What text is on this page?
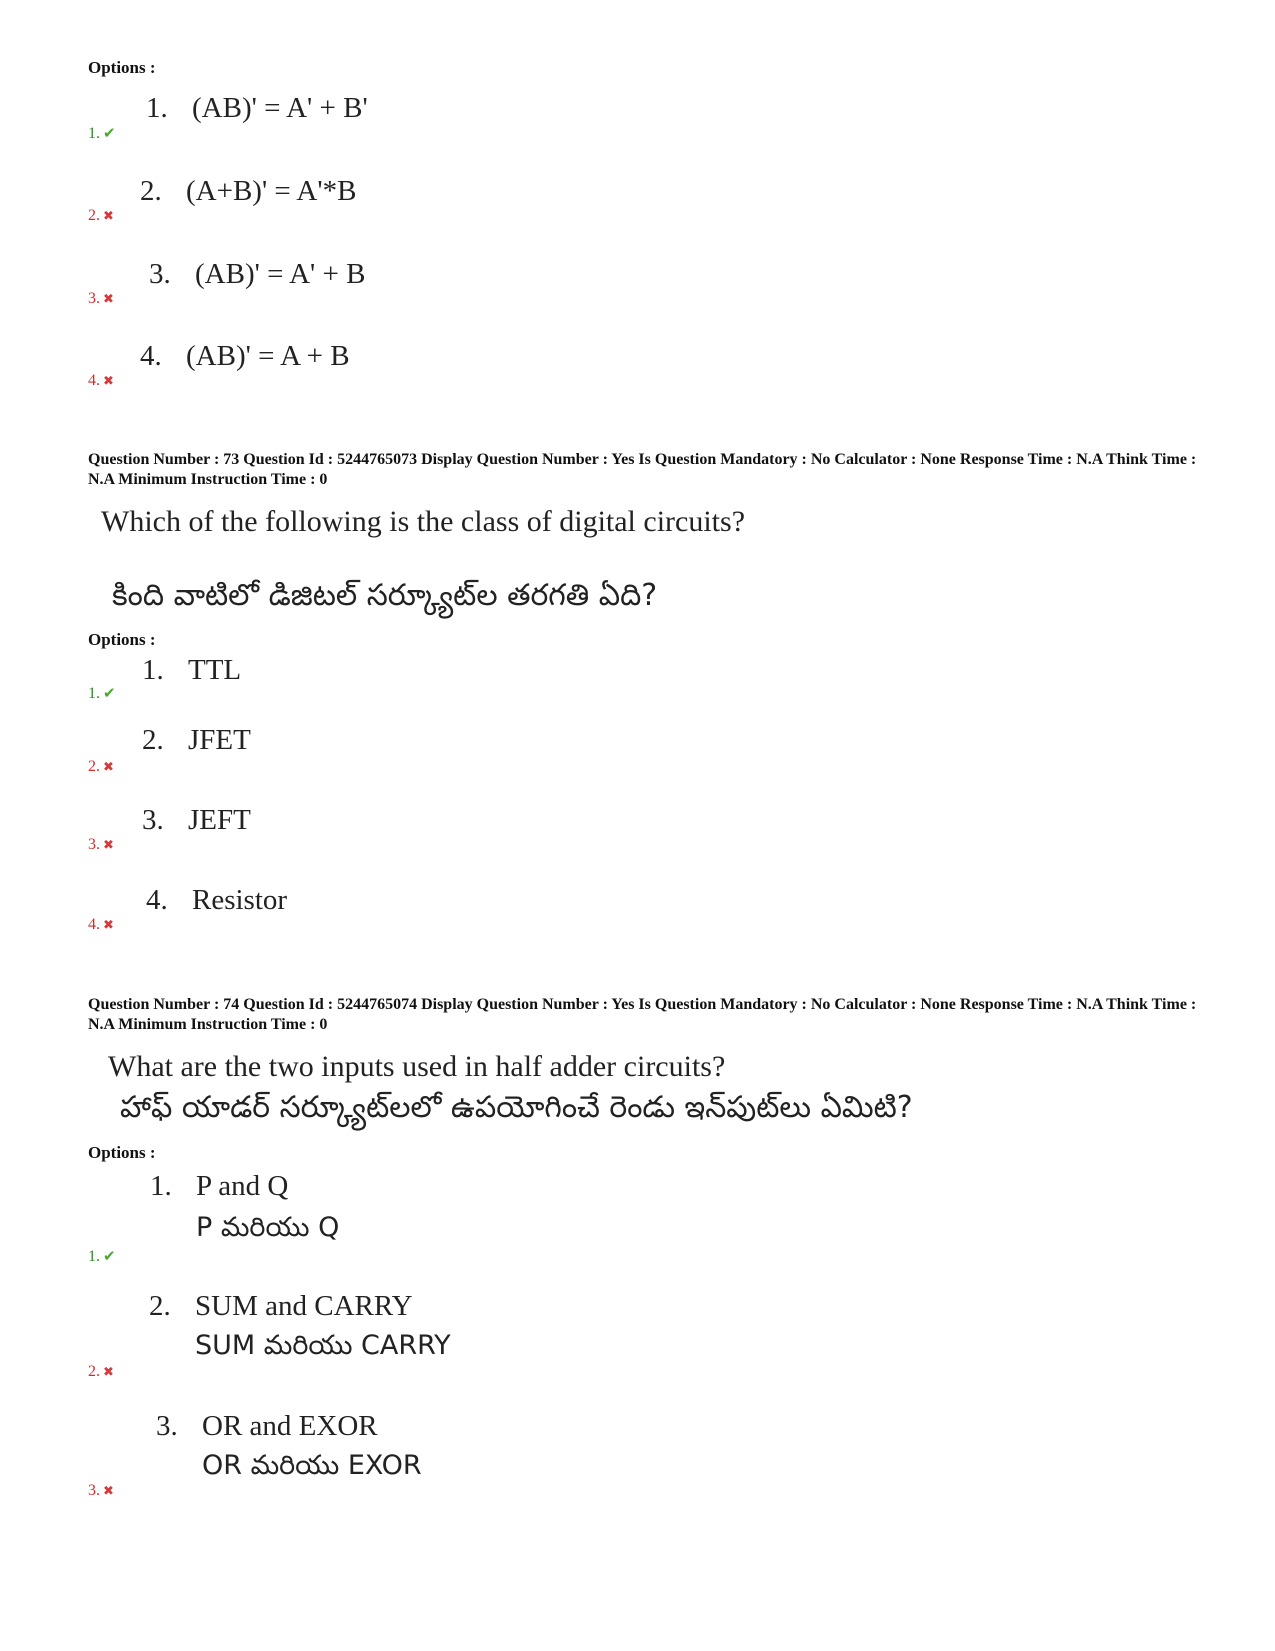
Options :
1. (AB)' = A' + B'
1. ✔
2. (A+B)' = A'*B
2. ✖
3. (AB)' = A' + B
3. ✖
4. (AB)' = A + B
4. ✖
Question Number : 73 Question Id : 5244765073 Display Question Number : Yes Is Question Mandatory : No Calculator : None Response Time : N.A Think Time : N.A Minimum Instruction Time : 0
Which of the following is the class of digital circuits?
కింది వాటిలో డిజిటల్ సర్క్యూట్‌ల తరగతి ఏది?
Options :
1. TTL
1. ✔
2. JFET
2. ✖
3. JEFT
3. ✖
4. Resistor
4. ✖
Question Number : 74 Question Id : 5244765074 Display Question Number : Yes Is Question Mandatory : No Calculator : None Response Time : N.A Think Time : N.A Minimum Instruction Time : 0
What are the two inputs used in half adder circuits?
హాఫ్ యాడర్ సర్క్యూట్‌లలో ఉపయోగించే రెండు ఇన్‌పుట్‌లు ఏమిటి?
Options :
1. P and Q
P మరియు Q
1. ✔
2. SUM and CARRY
SUM మరియు CARRY
2. ✖
3. OR and EXOR
OR మరియు EXOR
3. ✖
